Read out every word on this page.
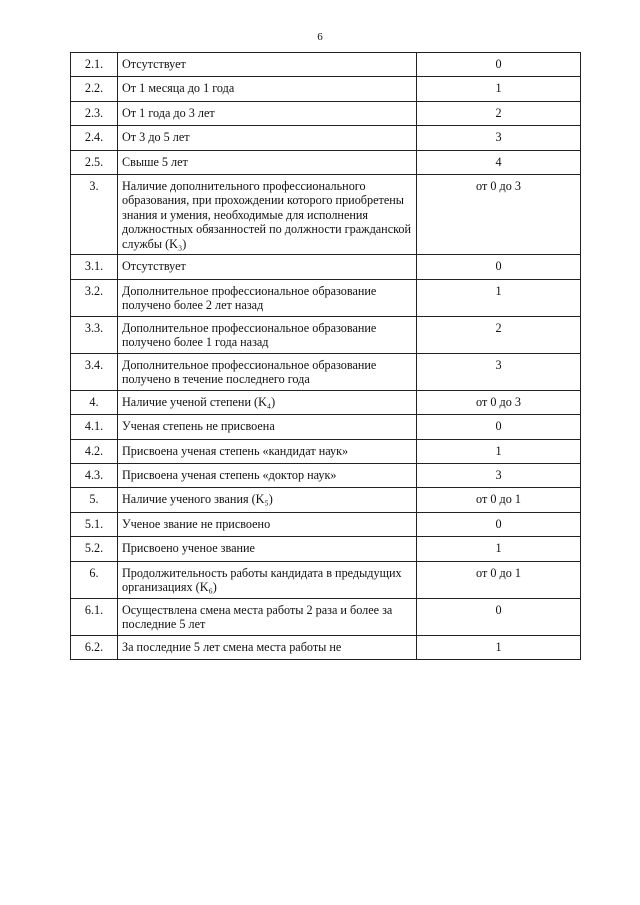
6
2.1.	Отсутствует	0
2.2.	От 1 месяца до 1 года	1
2.3.	От 1 года до 3 лет	2
2.4.	От 3 до 5 лет	3
2.5.	Свыше 5 лет	4
3.	Наличие дополнительного профессионального образования, при прохождении которого приобретены знания и умения, необходимые для исполнения должностных обязанностей по должности гражданской службы (K₃)	от 0 до 3
3.1.	Отсутствует	0
3.2.	Дополнительное профессиональное образование получено более 2 лет назад	1
3.3.	Дополнительное профессиональное образование получено более 1 года назад	2
3.4.	Дополнительное профессиональное образование получено в течение последнего года	3
4.	Наличие ученой степени (K₄)	от 0 до 3
4.1.	Ученая степень не присвоена	0
4.2.	Присвоена ученая степень «кандидат наук»	1
4.3.	Присвоена ученая степень «доктор наук»	3
5.	Наличие ученого звания (K₅)	от 0 до 1
5.1.	Ученое звание не присвоено	0
5.2.	Присвоено ученое звание	1
6.	Продолжительность работы кандидата в предыдущих организациях (K₆)	от 0 до 1
6.1.	Осуществлена смена места работы 2 раза и более за последние 5 лет	0
6.2.	За последние 5 лет смена места работы не	1
